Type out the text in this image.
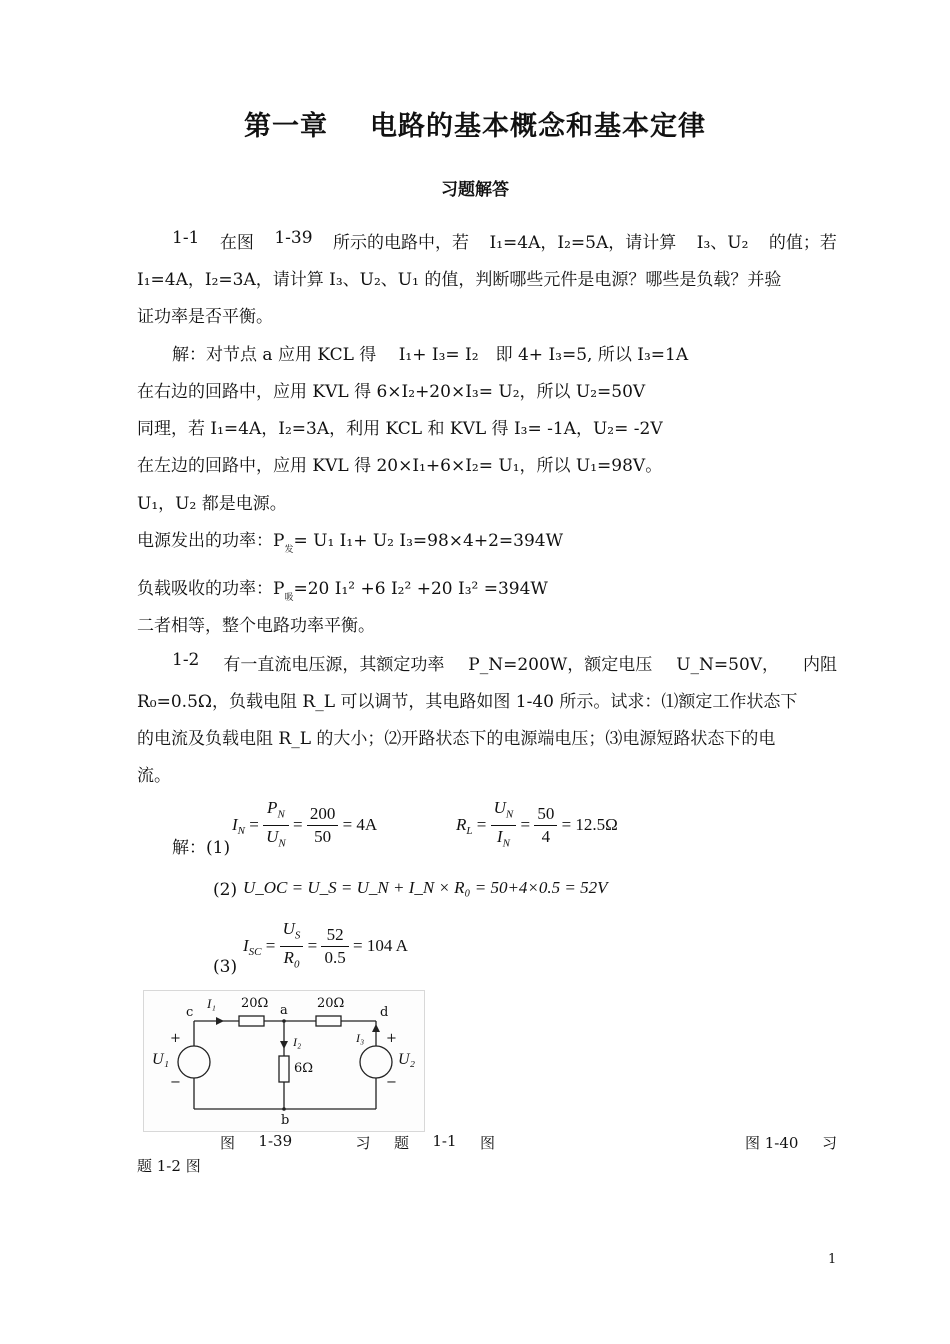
第一章 电路的基本概念和基本定律
习题解答
1-1 在图 1-39 所示的电路中，若 I₁=4A，I₂=5A，请计算 I₃、U₂ 的值；若
I₁=4A，I₂=3A，请计算 I₃、U₂、U₁ 的值，判断哪些元件是电源？哪些是负载？并验
证功率是否平衡。
解：对节点 a 应用 KCL 得　 I₁+ I₃= I₂　即 4+ I₃=5, 所以 I₃=1A
在右边的回路中，应用 KVL 得 6×I₂+20×I₃= U₂，所以 U₂=50V
同理，若 I₁=4A，I₂=3A，利用 KCL 和 KVL 得 I₃= -1A，U₂= -2V
在左边的回路中，应用 KVL 得 20×I₁+6×I₂= U₁，所以 U₁=98V。
U₁，U₂ 都是电源。
电源发出的功率：$P_发= U_1$ I₁+ U₂ I₃=98×4+2=394W
负载吸收的功率：$P_吸=20$ I₁² +6 I₂² +20 I₃² =394W
二者相等，整个电路功率平衡。
1-2 有一直流电压源，其额定功率 P_N=200W，额定电压 U_N=50V， 内阻
R₀=0.5Ω，负载电阻 R_L 可以调节，其电路如图 1-40 所示。试求：⑴额定工作状态下
的电流及负载电阻 R_L 的大小；⑵开路状态下的电源端电压；⑶电源短路状态下的电
流。
解：(1)
$I_N = \frac{P_N}{U_N} = \frac{200}{50} = 4A$	$R_L = \frac{U_N}{I_N} = \frac{50}{4} = 12.5\Omega$
(2) U_OC = U_S = U_N + I_N × R₀ = 50+4×0.5 = 52V
(3)
$I_{SC} = \frac{U_S}{R_0} = \frac{52}{0.5} = 104$ A
c
I₁ 20Ω a 20Ω
d
I₂
6Ω
I₃
+
U₁
−
+
U₂
−
b
图 1-39	习 题 1-1 图	图 1-40 习
题 1-2 图
1
